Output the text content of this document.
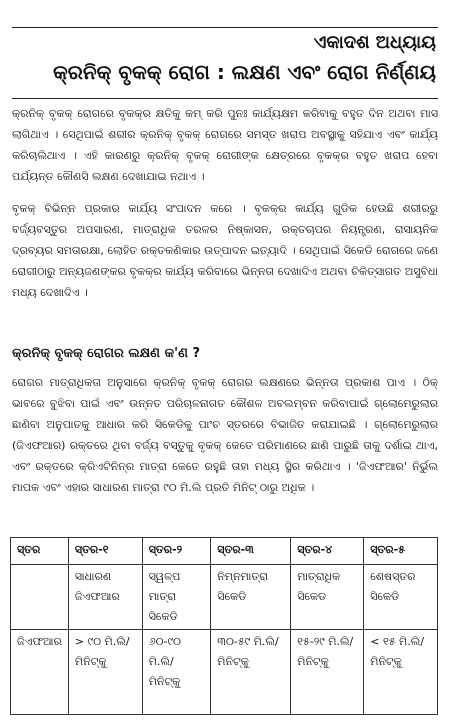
ଏକାଦଶ ଅଧ୍ୟାୟ
କ୍ରନିକ୍ ବୃକକ୍ ରୋଗ : ଲକ୍ଷଣ ଏବଂ ରୋଗ ନିର୍ଣ୍ଣୟ

କ୍ରନିକ୍ ବୃକକ୍ ରୋଗରେ ବୃକକ୍ର କ୍ଷତିକୁ କମ୍ କରି ପୁନଃ କାର୍ଯ୍ୟକ୍ଷମ କରିବାକୁ ବହୁତ ଦିନ ଅଥବା ମାସ ଲାଗିଥାଏ । ସେଥିପାଇଁ ଶରୀର କ୍ରନିକ୍ ବୃକକ୍ ରୋଗରେ ସମସ୍ତ ଖରାପ ଅବସ୍ଥାକୁ ସହିଯାଏ ଏବଂ କାର୍ଯ୍ୟ କରିଚାଲିଥାଏ । ଏହି କାରଣରୁ କ୍ରନିକ୍ ବୃକକ୍ ରୋଗୀଙ୍କ କ୍ଷେତ୍ରରେ ବୃକକ୍ର ବହୁତ ଖରାପ ହେବା ପର୍ଯ୍ୟନ୍ତ କୌଣସି ଲକ୍ଷଣ ଦେଖାଯାଇ ନଥାଏ ।

ବୃକକ୍ ବିଭିନ୍ନ ପ୍ରକାର କାର୍ଯ୍ୟ ସଂପାଦନ କରେ । ବୃକକ୍ର କାର୍ଯ୍ୟ ଗୁଡିକ ହେଉଛି ଶରୀରରୁ ବର୍ଜ୍ୟବସ୍ତୁର ଅପସାରଣ, ମାତ୍ରାଧିକ ତରଳର ନିଷ୍କାସନ, ରକ୍ତଚାପର ନିୟନ୍ତ୍ରଣ, ରାସାୟନିକ ଦ୍ରବ୍ୟର ସମତାରକ୍ଷା, ଲୋହିତ ରକ୍ତକଣିକାର ଉତ୍ପାଦନ ଇତ୍ୟାଦି । ସେଥିପାଇଁ ସିକେଡି ରୋଗରେ ଜଣେ ରୋଗୀଠାରୁ ଅନ୍ୟଜଣଙ୍କର ବୃକକ୍ର କାର୍ଯ୍ୟ କରିବାରେ ଭିନ୍ନତା ଦେଖାଦିଏ ଅଥବା ଚିକିତ୍ସାଗତ ଅସୁବିଧା ମଧ୍ୟ ଦେଖାଦିଏ ।

କ୍ରନିକ୍ ବୃକକ୍ ରୋଗର ଲକ୍ଷଣ କ'ଣ ?

ରୋଗର ମାତ୍ରାଧିକତା ଅନୁସାରେ କ୍ରନିକ୍ ବୃକକ୍ ରୋଗର ଲକ୍ଷଣରେ ଭିନ୍ନତା ପ୍ରକାଶ ପାଏ । ଠିକ୍ ଭାବରେ ବୁଝିବା ପାଇଁ ଏବଂ ଉନ୍ନତ ପରିଚାଳନାଗତ କୌଶଳ ଅବଲମ୍ବନ କରିବାପାଇଁ ଗ୍ଲୋମେରୁଲାର ଛାଣିବା ଅନୁପାତକୁ ଆଧାର କରି ସିକେଡିକୁ ପାଂଚ ସ୍ତରରେ ବିଭାଜିତ କରାଯାଇଛି । ଗ୍ଲୋମେରୁଲାର (ଜିଏଫଆର) ରକ୍ତରେ ଥିବା ବର୍ଜ୍ୟ ବସ୍ତୁକୁ ବୃକକ୍ କେତେ ପରିମାଣରେ ଛାଣି ପାରୁଛି ତାକୁ ଦର୍ଶାଇ ଥାଏ, ଏବଂ ରକ୍ତରେ କ୍ରିଏଟିନିନ୍ର ମାତ୍ରା କେତେ ରହୁଛି ତାହା ମଧ୍ୟ ସ୍ଥିର କରିଥାଏ । 'ଜିଏଫଆର' ନିର୍ଭୁଲ ମାପକ ଏବଂ ଏହାର ସାଧାରଣ ମାତ୍ରା ୯୦ ମି.ଲି ପ୍ରତି ମିନିଟ୍ ଠାରୁ ଅଧିକ ।

ସ୍ତର	ସ୍ତର-୧	ସ୍ତର-୨	ସ୍ତର-୩	ସ୍ତର-୪	ସ୍ତର-୫
	ସାଧାରଣ ଜିଏଫଆର	ସ୍ୱଳ୍ପ ମାତ୍ରା ସିକେଡି	ନିମ୍ନମାତ୍ରା ସିକେଡି	ମାତ୍ରାଧିକ ସିକେଡ	ଶେଷସ୍ତର ସିକେଡି
ଜିଏଫଆର	> ୯୦ ମି.ଲି/ ମିନିଟ୍କୁ	୬୦-୯୦ ମି.ଲି/ ମିନିଟ୍କୁ	୩୦-୫୯ ମି.ଲି/ ମିନିଟ୍କୁ	୧୫-୨୯ ମି.ଲି/ ମିନିଟ୍କୁ	< ୧୫ ମି.ଲି/ ମିନିଟ୍କୁ
